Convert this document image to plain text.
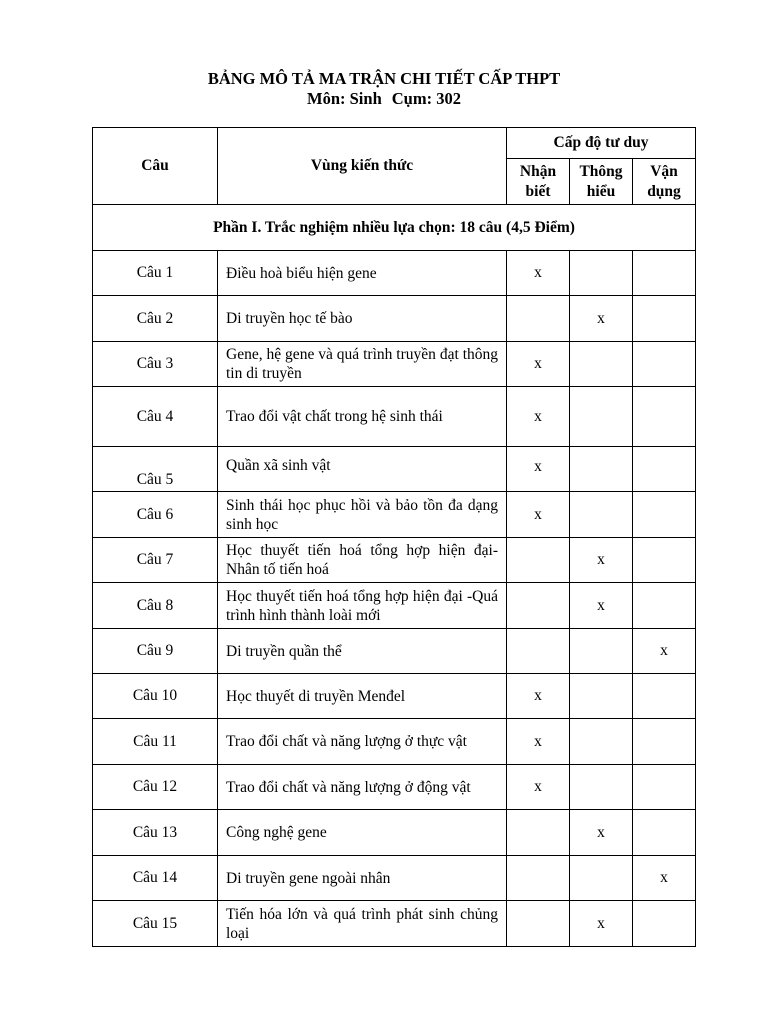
BẢNG MÔ TẢ MA TRẬN CHI TIẾT CẤP THPT
Môn: Sinh Cụm: 302
Câu	Vùng kiến thức	Cấp độ tư duy		
		Nhận biết	Thông hiểu	Vận dụng
Phần I. Trắc nghiệm nhiều lựa chọn: 18 câu (4,5 Điểm)				
Câu 1	Điều hoà biểu hiện gene	x		
Câu 2	Di truyền học tế bào		x	
Câu 3	Gene, hệ gene và quá trình truyền đạt thông tin di truyền	x		
Câu 4	Trao đổi vật chất trong hệ sinh thái	x		
Câu 5	Quần xã sinh vật	x		
Câu 6	Sinh thái học phục hồi và bảo tồn đa dạng sinh học	x		
Câu 7	Học thuyết tiến hoá tổng hợp hiện đại- Nhân tố tiến hoá		x	
Câu 8	Học thuyết tiến hoá tổng hợp hiện đại -Quá trình hình thành loài mới		x	
Câu 9	Di truyền quần thể			x
Câu 10	Học thuyết di truyền Menđel	x		
Câu 11	Trao đổi chất và năng lượng ở thực vật	x		
Câu 12	Trao đổi chất và năng lượng ở động vật	x		
Câu 13	Công nghệ gene		x	
Câu 14	Di truyền gene ngoài nhân			x
Câu 15	Tiến hóa lớn và quá trình phát sinh chủng loại		x	
